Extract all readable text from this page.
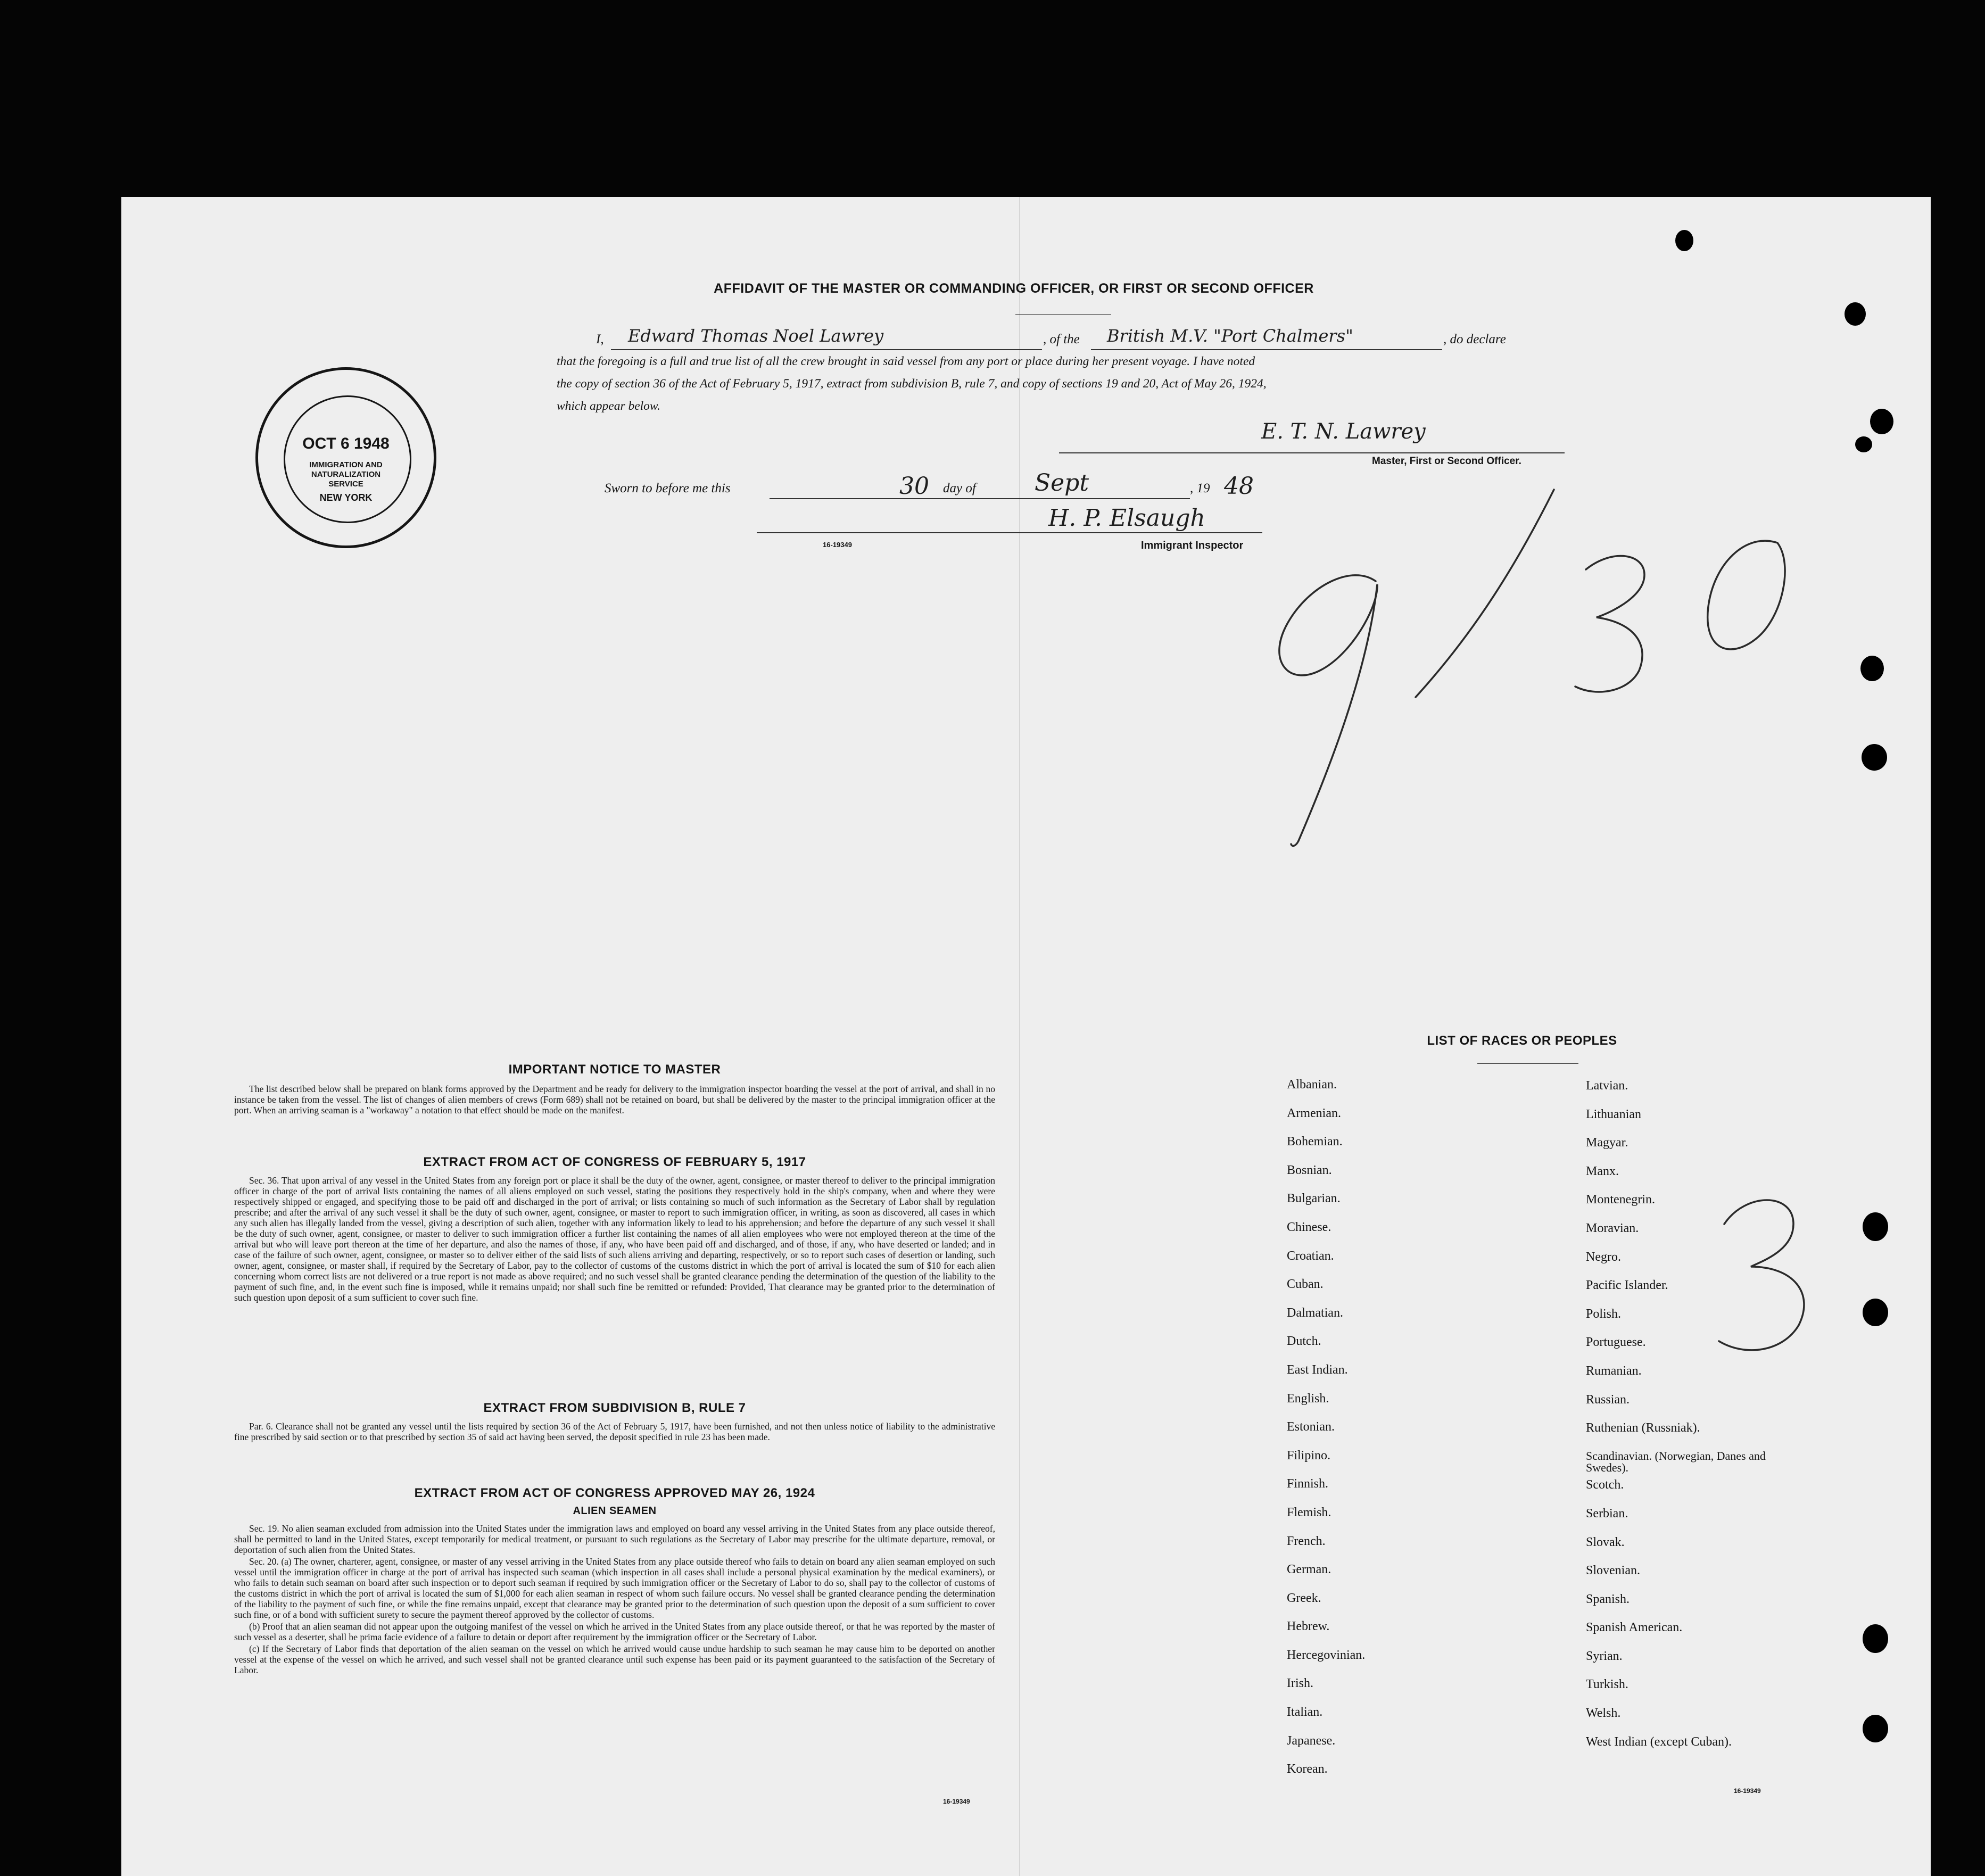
AFFIDAVIT OF THE MASTER OR COMMANDING OFFICER, OR FIRST OR SECOND OFFICER
I, Edward Thomas Noel Lawrey	, of the British M.V. "Port Chalmers"	, do declare
that the foregoing is a full and true list of all the crew brought in said vessel from any port or place during her present voyage. I have noted
the copy of section 36 of the Act of February 5, 1917, extract from subdivision B, rule 7, and copy of sections 19 and 20, Act of May 26, 1924,
which appear below.
E. T. N. Lawrey
Master, First or Second Officer.
Sworn to before me this	30 day of	Sept	, 19 48
H. P. Elsaugh
16-19349	Immigrant Inspector
OCT 6 1948
IMMIGRATION AND NATURALIZATION SERVICE
NEW YORK
9/30
3
IMPORTANT NOTICE TO MASTER

The list described below shall be prepared on blank forms approved by the Department and be ready for delivery to the immigration inspector boarding the vessel at the port of arrival, and shall in no instance be taken from the vessel. The list of changes of alien members of crews (Form 689) shall not be retained on board, but shall be delivered by the master to the principal immigration officer at the port. When an arriving seaman is a "workaway" a notation to that effect should be made on the manifest.

EXTRACT FROM ACT OF CONGRESS OF FEBRUARY 5, 1917

Sec. 36. That upon arrival of any vessel in the United States from any foreign port or place it shall be the duty of the owner, agent, consignee, or master thereof to deliver to the principal immigration officer in charge of the port of arrival lists containing the names of all aliens employed on such vessel, stating the positions they respectively hold in the ship's company, when and where they were respectively shipped or engaged, and specifying those to be paid off and discharged in the port of arrival; or lists containing so much of such information as the Secretary of Labor shall by regulation prescribe; and after the arrival of any such vessel it shall be the duty of such owner, agent, consignee, or master to report to such immigration officer, in writing, as soon as discovered, all cases in which any such alien has illegally landed from the vessel, giving a description of such alien, together with any information likely to lead to his apprehension; and before the departure of any such vessel it shall be the duty of such owner, agent, consignee, or master to deliver to such immigration officer a further list containing the names of all alien employees who were not employed thereon at the time of the arrival but who will leave port thereon at the time of her departure, and also the names of those, if any, who have been paid off and discharged, and of those, if any, who have deserted or landed; and in case of the failure of such owner, agent, consignee, or master so to deliver either of the said lists of such aliens arriving and departing, respectively, or so to report such cases of desertion or landing, such owner, agent, consignee, or master shall, if required by the Secretary of Labor, pay to the collector of customs of the customs district in which the port of arrival is located the sum of $10 for each alien concerning whom correct lists are not delivered or a true report is not made as above required; and no such vessel shall be granted clearance pending the determination of the question of the liability to the payment of such fine, and, in the event such fine is imposed, while it remains unpaid; nor shall such fine be remitted or refunded: Provided, That clearance may be granted prior to the determination of such question upon deposit of a sum sufficient to cover such fine.

EXTRACT FROM SUBDIVISION B, RULE 7

Par. 6. Clearance shall not be granted any vessel until the lists required by section 36 of the Act of February 5, 1917, have been furnished, and not then unless notice of liability to the administrative fine prescribed by said section or to that prescribed by section 35 of said act having been served, the deposit specified in rule 23 has been made.

EXTRACT FROM ACT OF CONGRESS APPROVED MAY 26, 1924
ALIEN SEAMEN

Sec. 19. No alien seaman excluded from admission into the United States under the immigration laws and employed on board any vessel arriving in the United States from any place outside thereof, shall be permitted to land in the United States, except temporarily for medical treatment, or pursuant to such regulations as the Secretary of Labor may prescribe for the ultimate departure, removal, or deportation of such alien from the United States.

Sec. 20. (a) The owner, charterer, agent, consignee, or master of any vessel arriving in the United States from any place outside thereof who fails to detain on board any alien seaman employed on such vessel until the immigration officer in charge at the port of arrival has inspected such seaman (which inspection in all cases shall include a personal physical examination by the medical examiners), or who fails to detain such seaman on board after such inspection or to deport such seaman if required by such immigration officer or the Secretary of Labor to do so, shall pay to the collector of customs of the customs district in which the port of arrival is located the sum of $1,000 for each alien seaman in respect of whom such failure occurs. No vessel shall be granted clearance pending the determination of the liability to the payment of such fine, or while the fine remains unpaid, except that clearance may be granted prior to the determination of such question upon the deposit of a sum sufficient to cover such fine, or of a bond with sufficient surety to secure the payment thereof approved by the collector of customs.

(b) Proof that an alien seaman did not appear upon the outgoing manifest of the vessel on which he arrived in the United States from any place outside thereof, or that he was reported by the master of such vessel as a deserter, shall be prima facie evidence of a failure to detain or deport after requirement by the immigration officer or the Secretary of Labor.

(c) If the Secretary of Labor finds that deportation of the alien seaman on the vessel on which he arrived would cause undue hardship to such seaman he may cause him to be deported on another vessel at the expense of the vessel on which he arrived, and such vessel shall not be granted clearance until such expense has been paid or its payment guaranteed to the satisfaction of the Secretary of Labor.

16-19349
LIST OF RACES OR PEOPLES
Albanian.
Armenian.
Bohemian.
Bosnian.
Bulgarian.
Chinese.
Croatian.
Cuban.
Dalmatian.
Dutch.
East Indian.
English.
Estonian.
Filipino.
Finnish.
Flemish.
French.
German.
Greek.
Hebrew.
Hercegovinian.
Irish.
Italian.
Japanese.
Korean.
Latvian.
Lithuanian
Magyar.
Manx.
Montenegrin.
Moravian.
Negro.
Pacific Islander.
Polish.
Portuguese.
Rumanian.
Russian.
Ruthenian (Russniak).
Scandinavian. (Norwegian, Danes and Swedes).
Scotch.
Serbian.
Slovak.
Slovenian.
Spanish.
Spanish American.
Syrian.
Turkish.
Welsh.
West Indian (except Cuban).
16-19349
